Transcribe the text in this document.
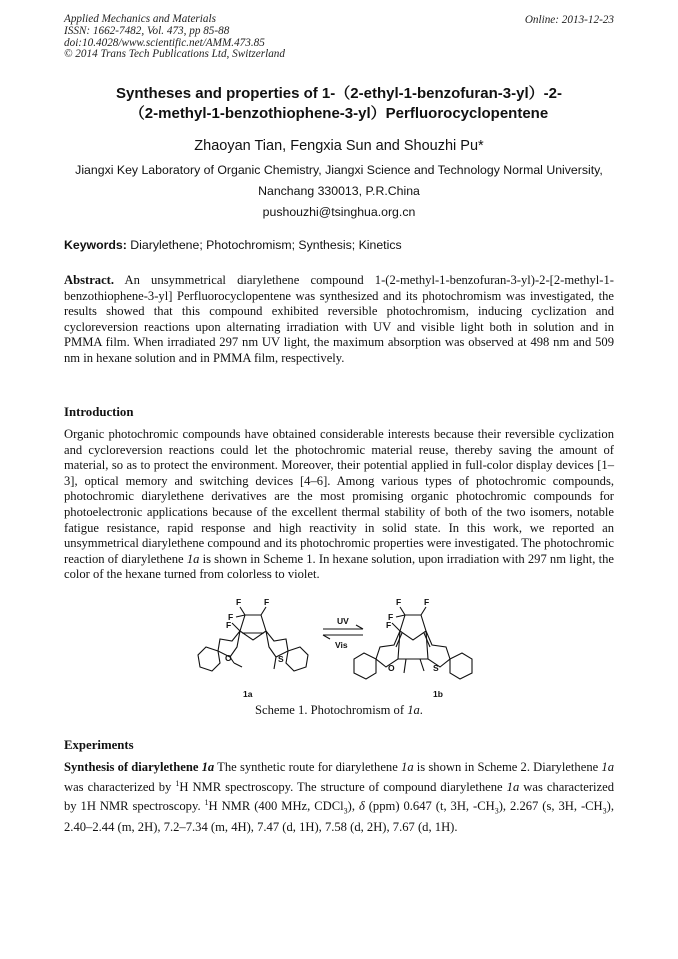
Applied Mechanics and Materials
ISSN: 1662-7482, Vol. 473, pp 85-88
doi:10.4028/www.scientific.net/AMM.473.85
© 2014 Trans Tech Publications Ltd, Switzerland
Online: 2013-12-23
Syntheses and properties of 1-（2-ethyl-1-benzofuran-3-yl）-2-
（2-methyl-1-benzothiophene-3-yl）Perfluorocyclopentene
Zhaoyan Tian, Fengxia Sun and Shouzhi Pu*
Jiangxi Key Laboratory of Organic Chemistry, Jiangxi Science and Technology Normal University,
Nanchang 330013, P.R.China
pushouzhi@tsinghua.org.cn
Keywords: Diarylethene; Photochromism; Synthesis; Kinetics
Abstract. An unsymmetrical diarylethene compound 1-(2-methyl-1-benzofuran-3-yl)-2-[2-methyl-1-benzothiophene-3-yl] Perfluorocyclopentene was synthesized and its photochromism was investigated, the results showed that this compound exhibited reversible photochromism, inducing cyclization and cycloreversion reactions upon alternating irradiation with UV and visible light both in solution and in PMMA film. When irradiated 297 nm UV light, the maximum absorption was observed at 498 nm and 509 nm in hexane solution and in PMMA film, respectively.
Introduction
Organic photochromic compounds have obtained considerable interests because their reversible cyclization and cycloreversion reactions could let the photochromic material reuse, thereby saving the amount of material, so as to protect the environment. Moreover, their potential applied in full-color display devices [1–3], optical memory and switching devices [4–6]. Among various types of photochromic compounds, photochromic diarylethene derivatives are the most promising organic photochromic compounds for photoelectronic applications because of the excellent thermal stability of both of the two isomers, notable fatigue resistance, rapid response and high reactivity in solid state. In this work, we reported an unsymmetrical diarylethene compound and its photochromic properties were investigated. The photochromic reaction of diarylethene 1a is shown in Scheme 1. In hexane solution, upon irradiation with 297 nm light, the color of the hexane turned from colorless to violet.
F	F
F
F
O	S
F	F
F
F
O	S
UV
Vis
1a	1b
Scheme 1. Photochromism of 1a.
Experiments
Synthesis of diarylethene 1a The synthetic route for diarylethene 1a is shown in Scheme 2. Diarylethene 1a was characterized by $^1$H NMR spectroscopy. The structure of compound diarylethene 1a was characterized by 1H NMR spectroscopy. $^1$H NMR (400 MHz, CDCl$_3$), δ (ppm) 0.647 (t, 3H, $-CH_3$), 2.267 (s, 3H, $-CH_3$), 2.40–2.44 (m, 2H), 7.2–7.34 (m, 4H), 7.47 (d, 1H), 7.58 (d, 2H), 7.67 (d, 1H).
